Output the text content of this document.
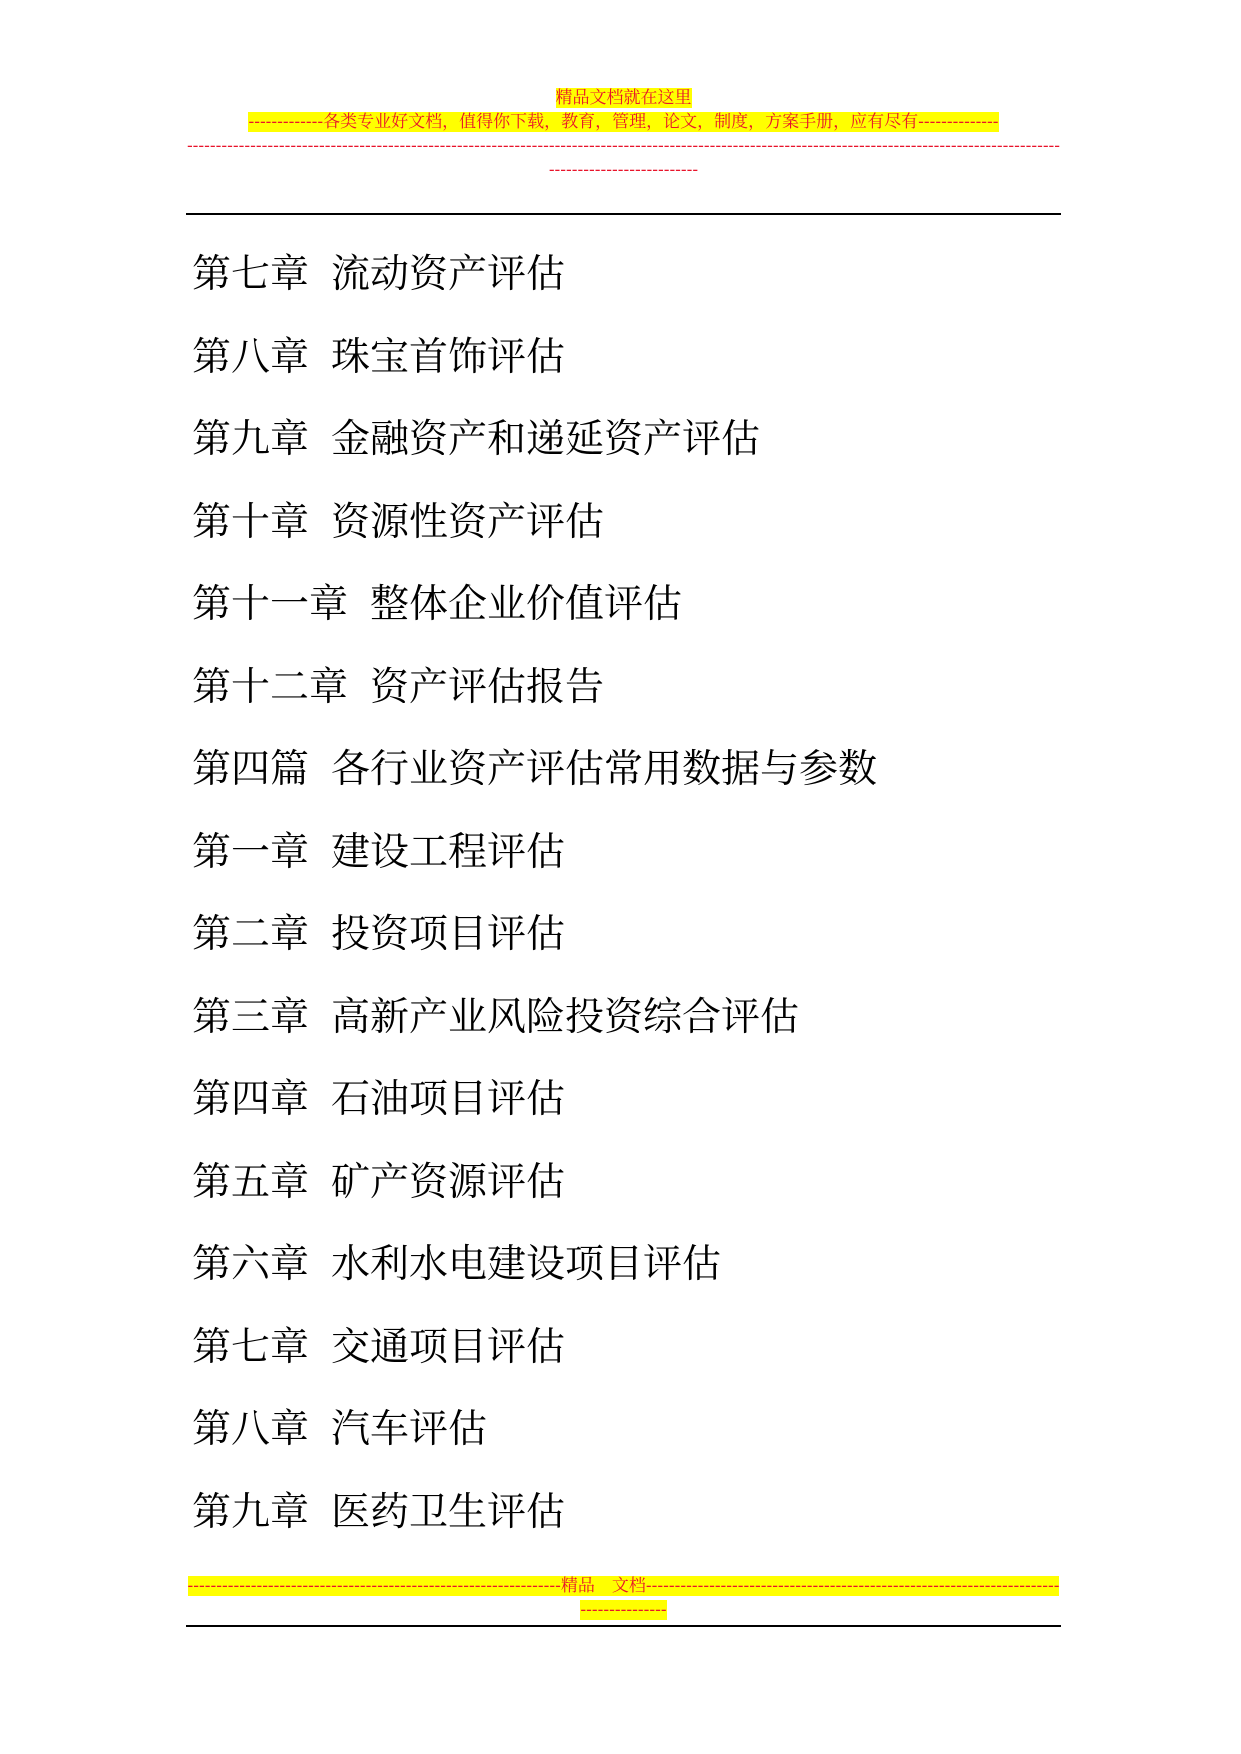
精品文档就在这里
-------------各类专业好文档，值得你下载，教育，管理，论文，制度，方案手册，应有尽有--------------
----------------------------------------------------------------------------------------------------------------------------------------------------------------------------------
第七章 流动资产评估
第八章 珠宝首饰评估
第九章 金融资产和递延资产评估
第十章 资源性资产评估
第十一章 整体企业价值评估
第十二章 资产评估报告
第四篇 各行业资产评估常用数据与参数
第一章 建设工程评估
第二章 投资项目评估
第三章 高新产业风险投资综合评估
第四章 石油项目评估
第五章 矿产资源评估
第六章 水利水电建设项目评估
第七章 交通项目评估
第八章 汽车评估
第九章 医药卫生评估
-----------------------------------------------------------------精品　文档---------------------------------------------------------------------------------------
